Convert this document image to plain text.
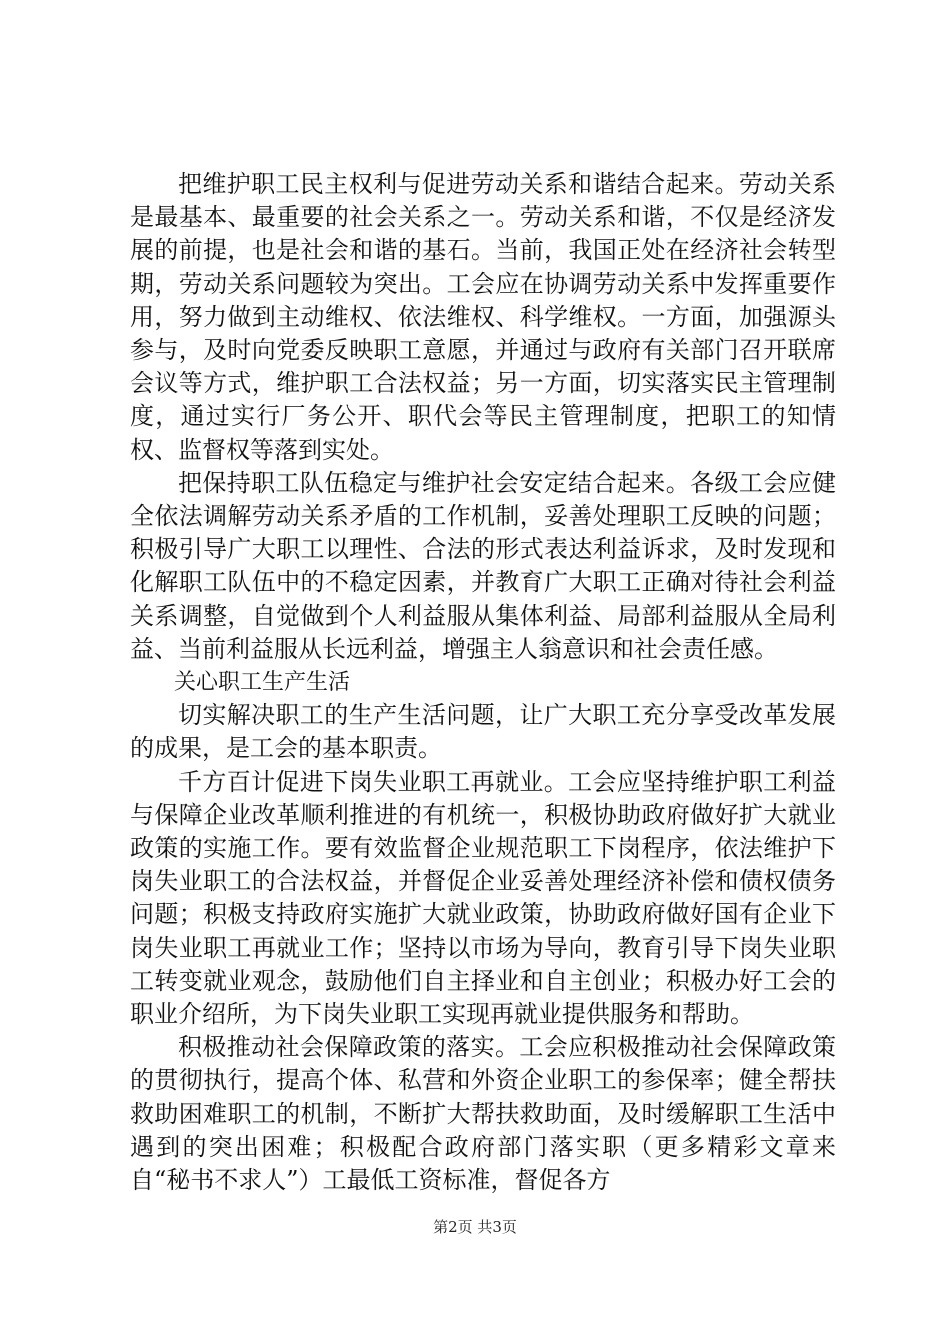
把维护职工民主权利与促进劳动关系和谐结合起来。劳动关系是最基本、最重要的社会关系之一。劳动关系和谐，不仅是经济发展的前提，也是社会和谐的基石。当前，我国正处在经济社会转型期，劳动关系问题较为突出。工会应在协调劳动关系中发挥重要作用，努力做到主动维权、依法维权、科学维权。一方面，加强源头参与，及时向党委反映职工意愿，并通过与政府有关部门召开联席会议等方式，维护职工合法权益；另一方面，切实落实民主管理制度，通过实行厂务公开、职代会等民主管理制度，把职工的知情权、监督权等落到实处。

把保持职工队伍稳定与维护社会安定结合起来。各级工会应健全依法调解劳动关系矛盾的工作机制，妥善处理职工反映的问题；积极引导广大职工以理性、合法的形式表达利益诉求，及时发现和化解职工队伍中的不稳定因素，并教育广大职工正确对待社会利益关系调整，自觉做到个人利益服从集体利益、局部利益服从全局利益、当前利益服从长远利益，增强主人翁意识和社会责任感。

关心职工生产生活

切实解决职工的生产生活问题，让广大职工充分享受改革发展的成果，是工会的基本职责。

千方百计促进下岗失业职工再就业。工会应坚持维护职工利益与保障企业改革顺利推进的有机统一，积极协助政府做好扩大就业政策的实施工作。要有效监督企业规范职工下岗程序，依法维护下岗失业职工的合法权益，并督促企业妥善处理经济补偿和债权债务问题；积极支持政府实施扩大就业政策，协助政府做好国有企业下岗失业职工再就业工作；坚持以市场为导向，教育引导下岗失业职工转变就业观念，鼓励他们自主择业和自主创业；积极办好工会的职业介绍所，为下岗失业职工实现再就业提供服务和帮助。

积极推动社会保障政策的落实。工会应积极推动社会保障政策的贯彻执行，提高个体、私营和外资企业职工的参保率；健全帮扶救助困难职工的机制，不断扩大帮扶救助面，及时缓解职工生活中遇到的突出困难；积极配合政府部门落实职（更多精彩文章来自“秘书不求人”）工最低工资标准，督促各方

第2页 共3页
